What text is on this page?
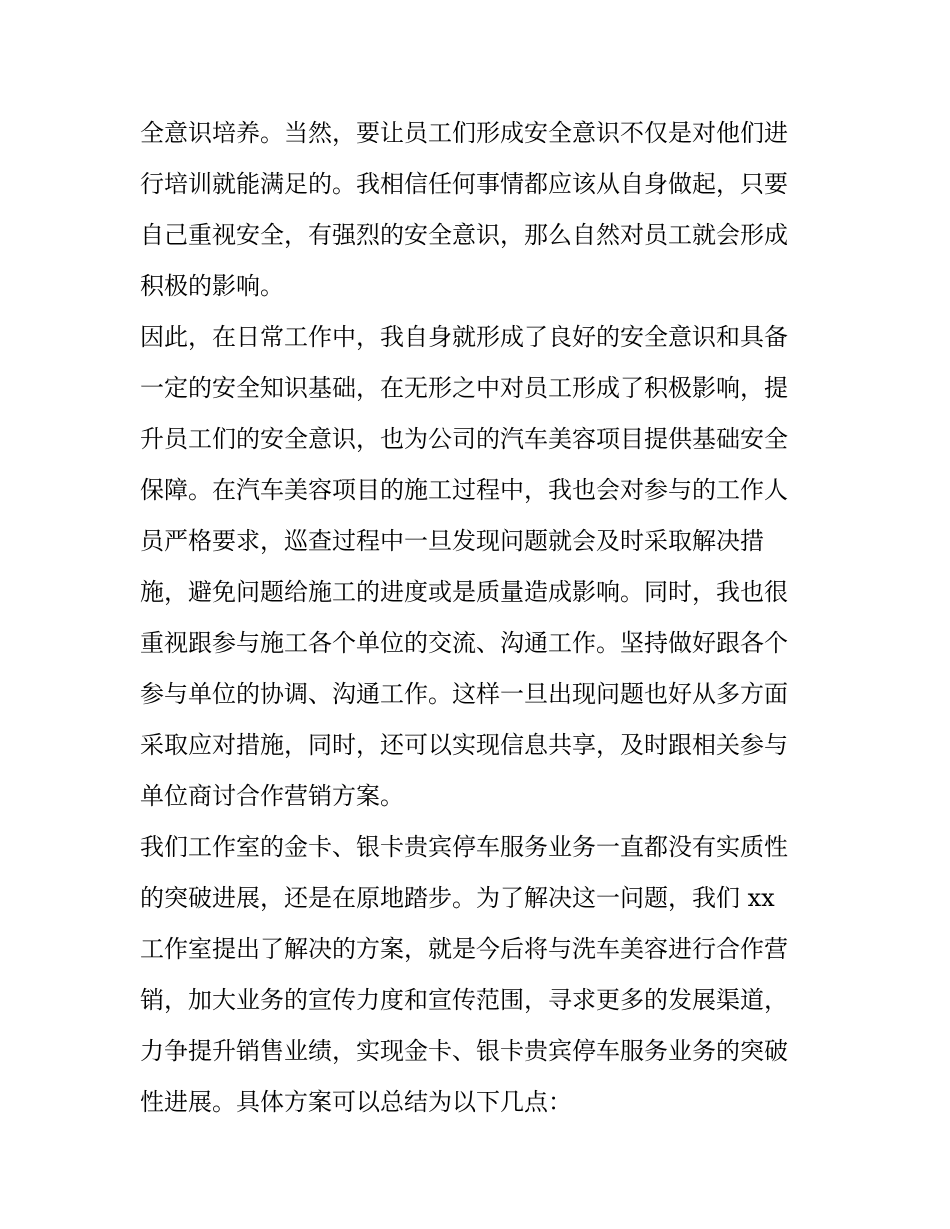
全意识培养。当然，要让员工们形成安全意识不仅是对他们进
行培训就能满足的。我相信任何事情都应该从自身做起，只要
自己重视安全，有强烈的安全意识，那么自然对员工就会形成
积极的影响。
因此，在日常工作中，我自身就形成了良好的安全意识和具备
一定的安全知识基础，在无形之中对员工形成了积极影响，提
升员工们的安全意识，也为公司的汽车美容项目提供基础安全
保障。在汽车美容项目的施工过程中，我也会对参与的工作人
员严格要求，巡查过程中一旦发现问题就会及时采取解决措
施，避免问题给施工的进度或是质量造成影响。同时，我也很
重视跟参与施工各个单位的交流、沟通工作。坚持做好跟各个
参与单位的协调、沟通工作。这样一旦出现问题也好从多方面
采取应对措施，同时，还可以实现信息共享，及时跟相关参与
单位商讨合作营销方案。
我们工作室的金卡、银卡贵宾停车服务业务一直都没有实质性
的突破进展，还是在原地踏步。为了解决这一问题，我们 xx
工作室提出了解决的方案，就是今后将与洗车美容进行合作营
销，加大业务的宣传力度和宣传范围，寻求更多的发展渠道，
力争提升销售业绩，实现金卡、银卡贵宾停车服务业务的突破
性进展。具体方案可以总结为以下几点：
